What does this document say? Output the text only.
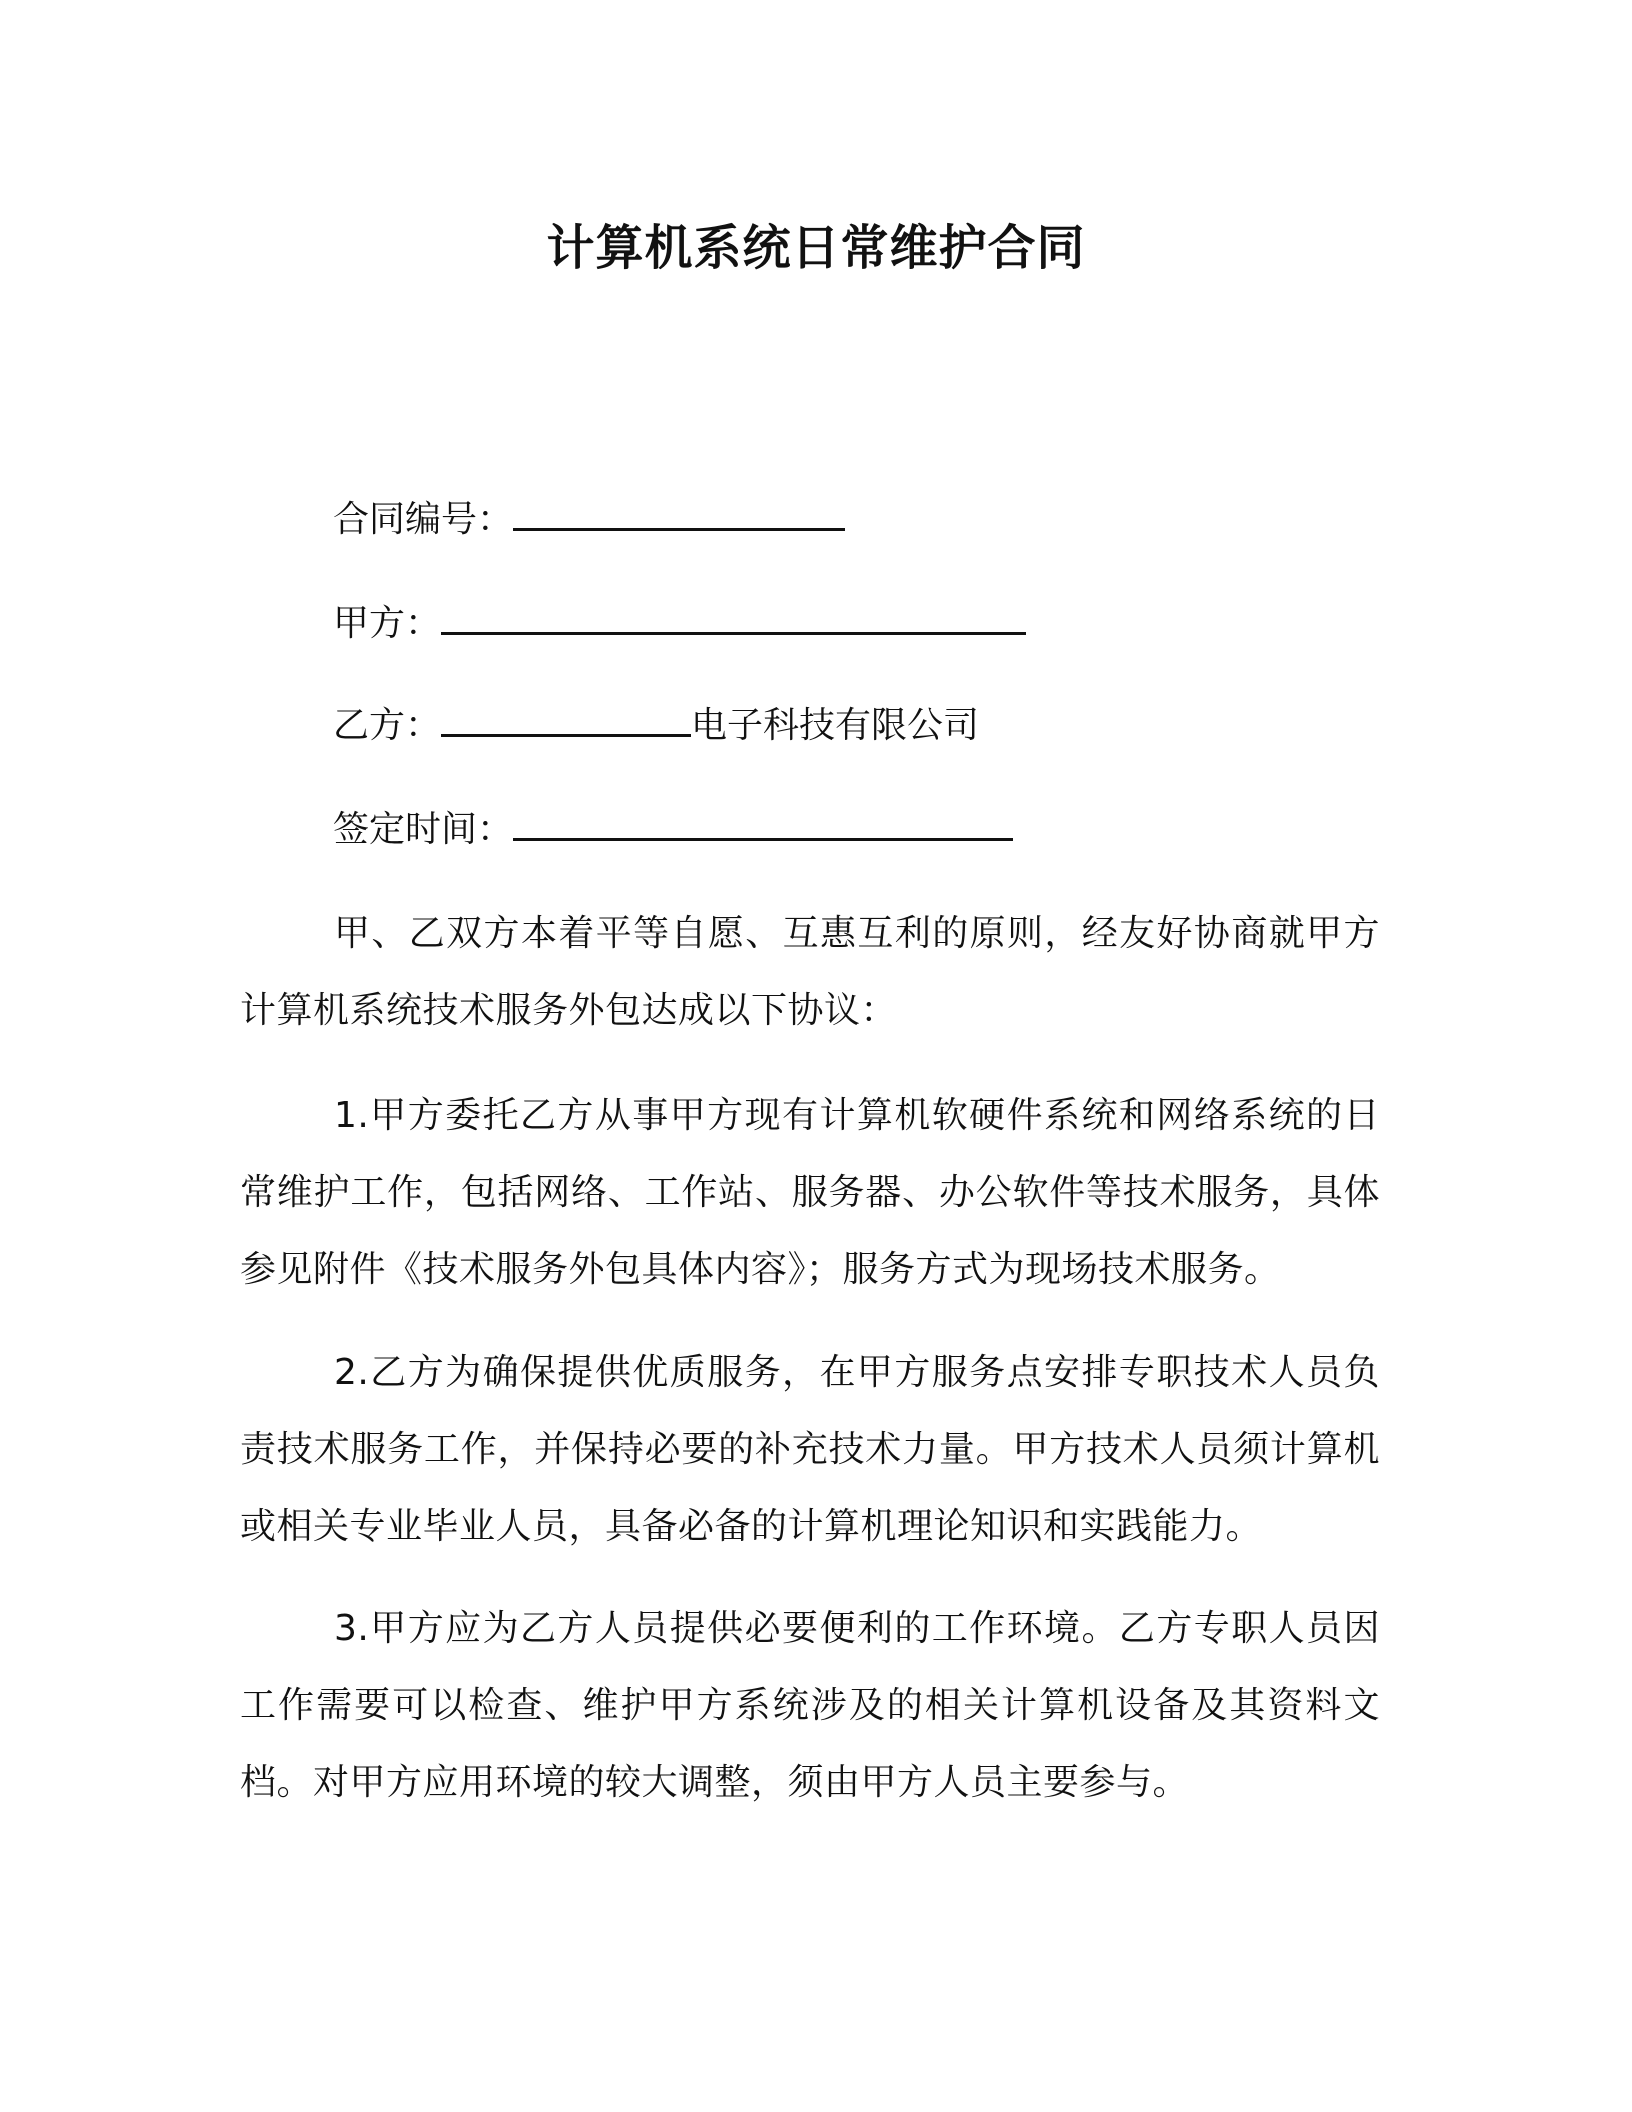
计算机系统日常维护合同
合同编号：
甲方：
乙方：	电子科技有限公司
签定时间：
甲、乙双方本着平等自愿、互惠互利的原则，经友好协商就甲方计算机系统技术服务外包达成以下协议：
1.甲方委托乙方从事甲方现有计算机软硬件系统和网络系统的日常维护工作，包括网络、工作站、服务器、办公软件等技术服务，具体参见附件《技术服务外包具体内容》；服务方式为现场技术服务。
2.乙方为确保提供优质服务，在甲方服务点安排专职技术人员负责技术服务工作，并保持必要的补充技术力量。甲方技术人员须计算机或相关专业毕业人员，具备必备的计算机理论知识和实践能力。
3.甲方应为乙方人员提供必要便利的工作环境。乙方专职人员因工作需要可以检查、维护甲方系统涉及的相关计算机设备及其资料文档。对甲方应用环境的较大调整，须由甲方人员主要参与。
